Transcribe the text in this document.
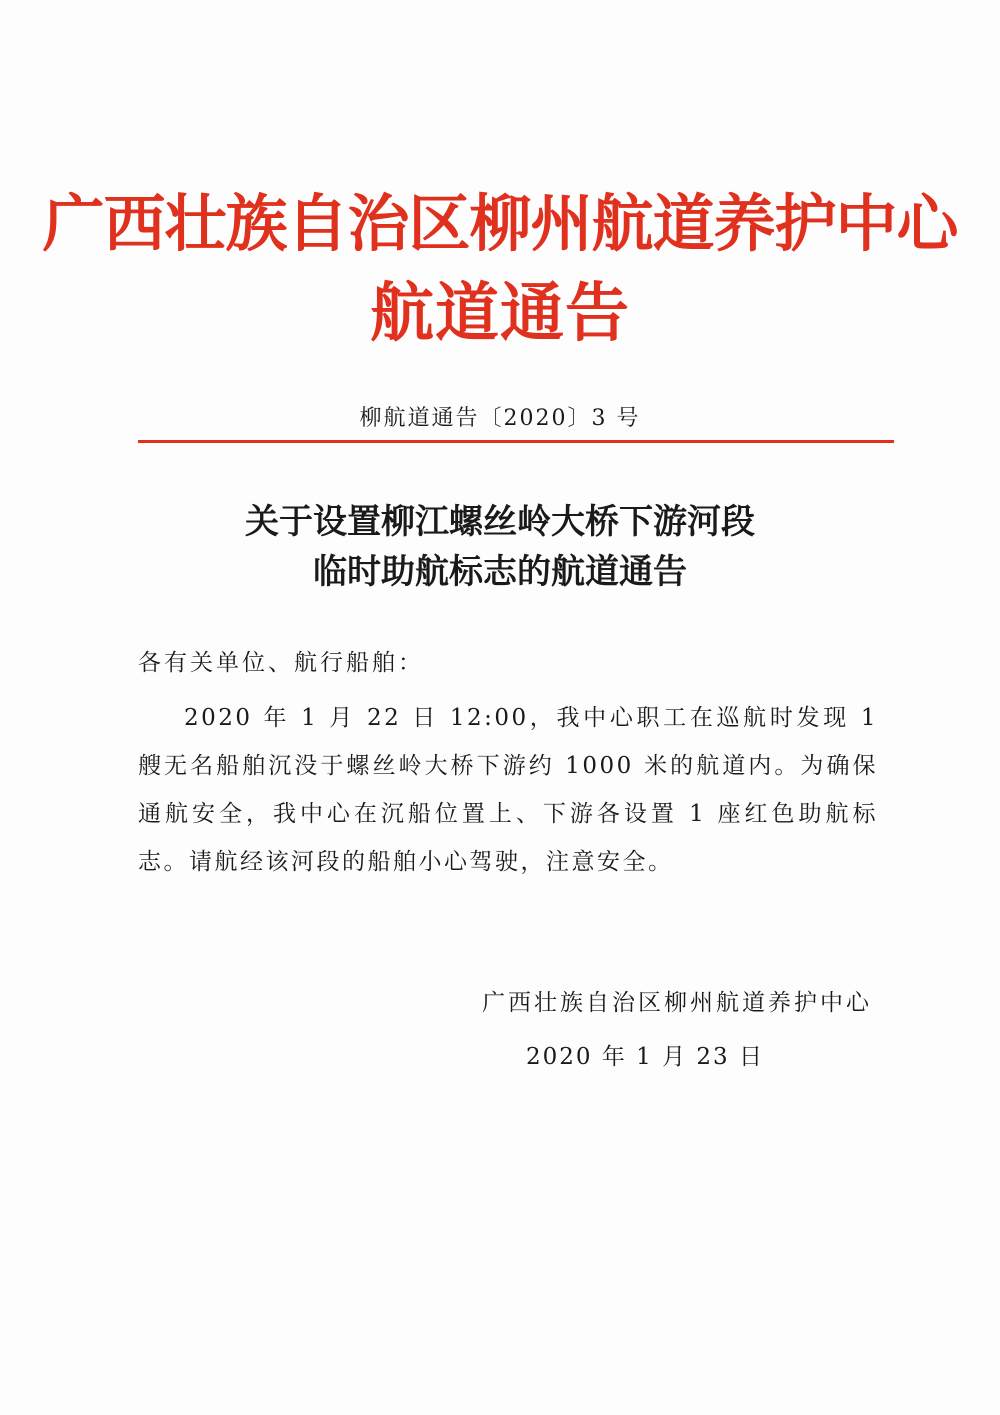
广西壮族自治区柳州航道养护中心
航道通告
柳航道通告〔2020〕3 号
关于设置柳江螺丝岭大桥下游河段
临时助航标志的航道通告
各有关单位、航行船舶：
2020 年 1 月 22 日 12:00，我中心职工在巡航时发现 1 艘无名船舶沉没于螺丝岭大桥下游约 1000 米的航道内。为确保通航安全，我中心在沉船位置上、下游各设置 1 座红色助航标志。请航经该河段的船舶小心驾驶，注意安全。
广西壮族自治区柳州航道养护中心
2020 年 1 月 23 日
